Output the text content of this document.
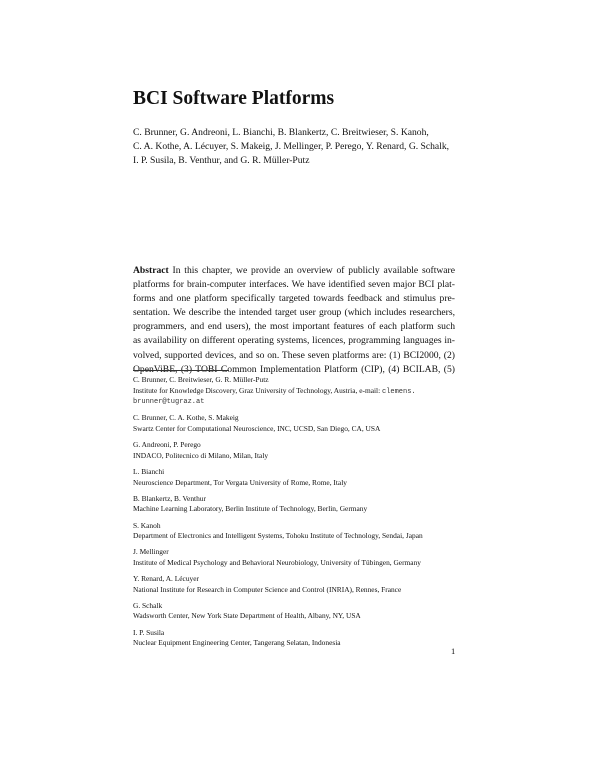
BCI Software Platforms
C. Brunner, G. Andreoni, L. Bianchi, B. Blankertz, C. Breitwieser, S. Kanoh,
C. A. Kothe, A. Lécuyer, S. Makeig, J. Mellinger, P. Perego, Y. Renard, G. Schalk,
I. P. Susila, B. Venthur, and G. R. Müller-Putz
Abstract In this chapter, we provide an overview of publicly available software
platforms for brain-computer interfaces. We have identified seven major BCI plat-
forms and one platform specifically targeted towards feedback and stimulus pre-
sentation. We describe the intended target user group (which includes researchers,
programmers, and end users), the most important features of each platform such
as availability on different operating systems, licences, programming languages in-
volved, supported devices, and so on. These seven platforms are: (1) BCI2000, (2)
OpenViBE, (3) TOBI Common Implementation Platform (CIP), (4) BCILAB, (5)
C. Brunner, C. Breitwieser, G. R. Müller-Putz
Institute for Knowledge Discovery, Graz University of Technology, Austria, e-mail: clemens.
brunner@tugraz.at
C. Brunner, C. A. Kothe, S. Makeig
Swartz Center for Computational Neuroscience, INC, UCSD, San Diego, CA, USA
G. Andreoni, P. Perego
INDACO, Politecnico di Milano, Milan, Italy
L. Bianchi
Neuroscience Department, Tor Vergata University of Rome, Rome, Italy
B. Blankertz, B. Venthur
Machine Learning Laboratory, Berlin Institute of Technology, Berlin, Germany
S. Kanoh
Department of Electronics and Intelligent Systems, Tohoku Institute of Technology, Sendai, Japan
J. Mellinger
Institute of Medical Psychology and Behavioral Neurobiology, University of Tübingen, Germany
Y. Renard, A. Lécuyer
National Institute for Research in Computer Science and Control (INRIA), Rennes, France
G. Schalk
Wadsworth Center, New York State Department of Health, Albany, NY, USA
I. P. Susila
Nuclear Equipment Engineering Center, Tangerang Selatan, Indonesia
1
